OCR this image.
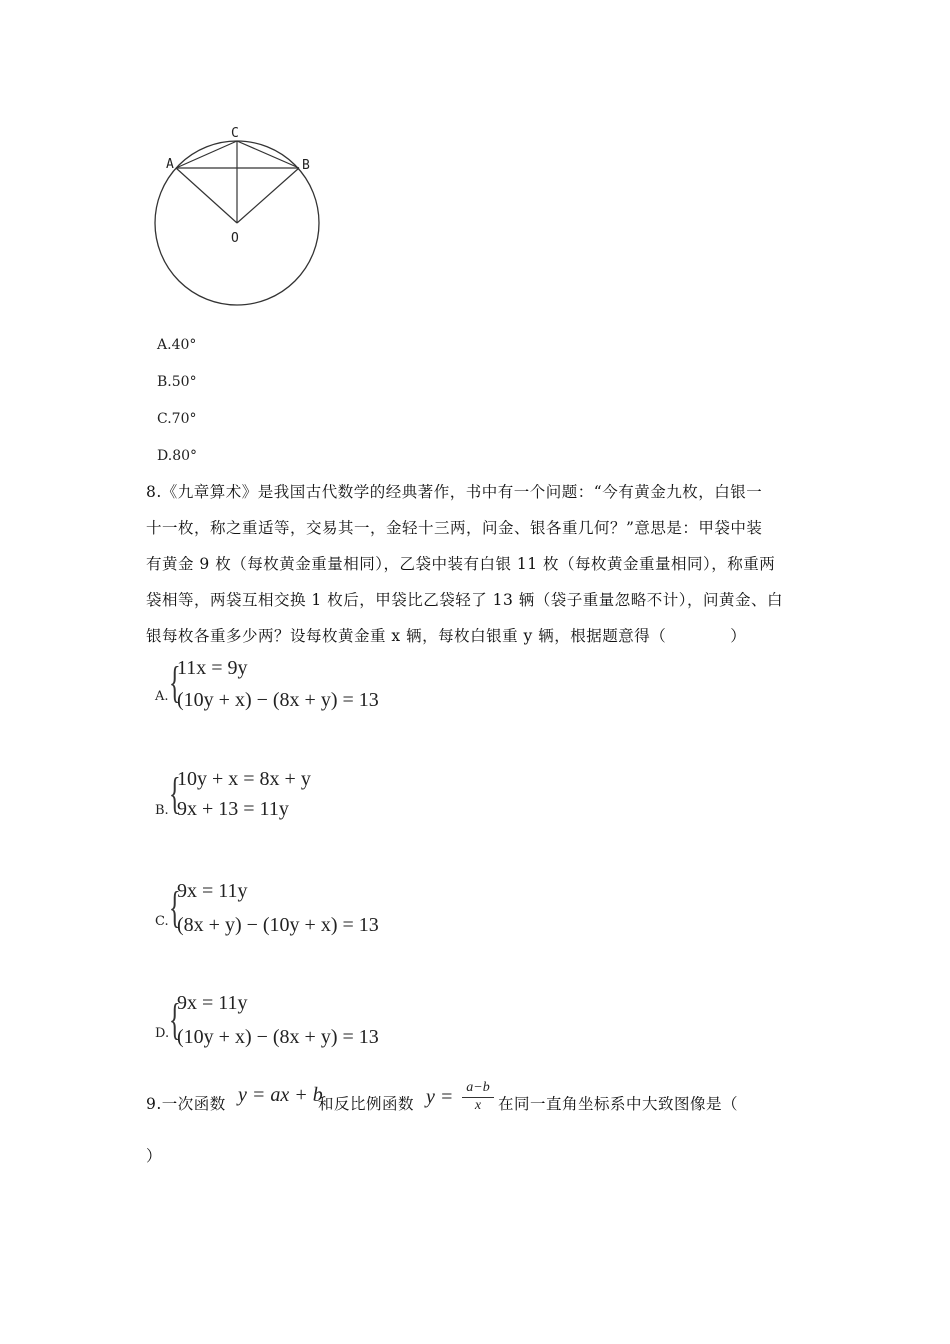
A	B
C
O
A.40°
B.50°
C.70°
D.80°
8.《九章算术》是我国古代数学的经典著作，书中有一个问题：“今有黄金九枚，白银一
十一枚，称之重适等，交易其一，金轻十三两，问金、银各重几何？”意思是：甲袋中装
有黄金 9 枚（每枚黄金重量相同），乙袋中装有白银 11 枚（每枚黄金重量相同），称重两
袋相等，两袋互相交换 1 枚后，甲袋比乙袋轻了 13 辆（袋子重量忽略不计），问黄金、白
银每枚各重多少两？设每枚黄金重 x 辆，每枚白银重 y 辆，根据题意得（　　　　）
A. {
11x = 9y
(10y + x) − (8x + y) = 13
B. {
10y + x = 8x + y
9x + 13 = 11y
C. {
9x = 11y
(8x + y) − (10y + x) = 13
D. {
9x = 11y
(10y + x) − (8x + y) = 13
9.一次函数 y = ax + b
和反比例函数 y = a−b
x	在同一直角坐标系中大致图像是（
）
